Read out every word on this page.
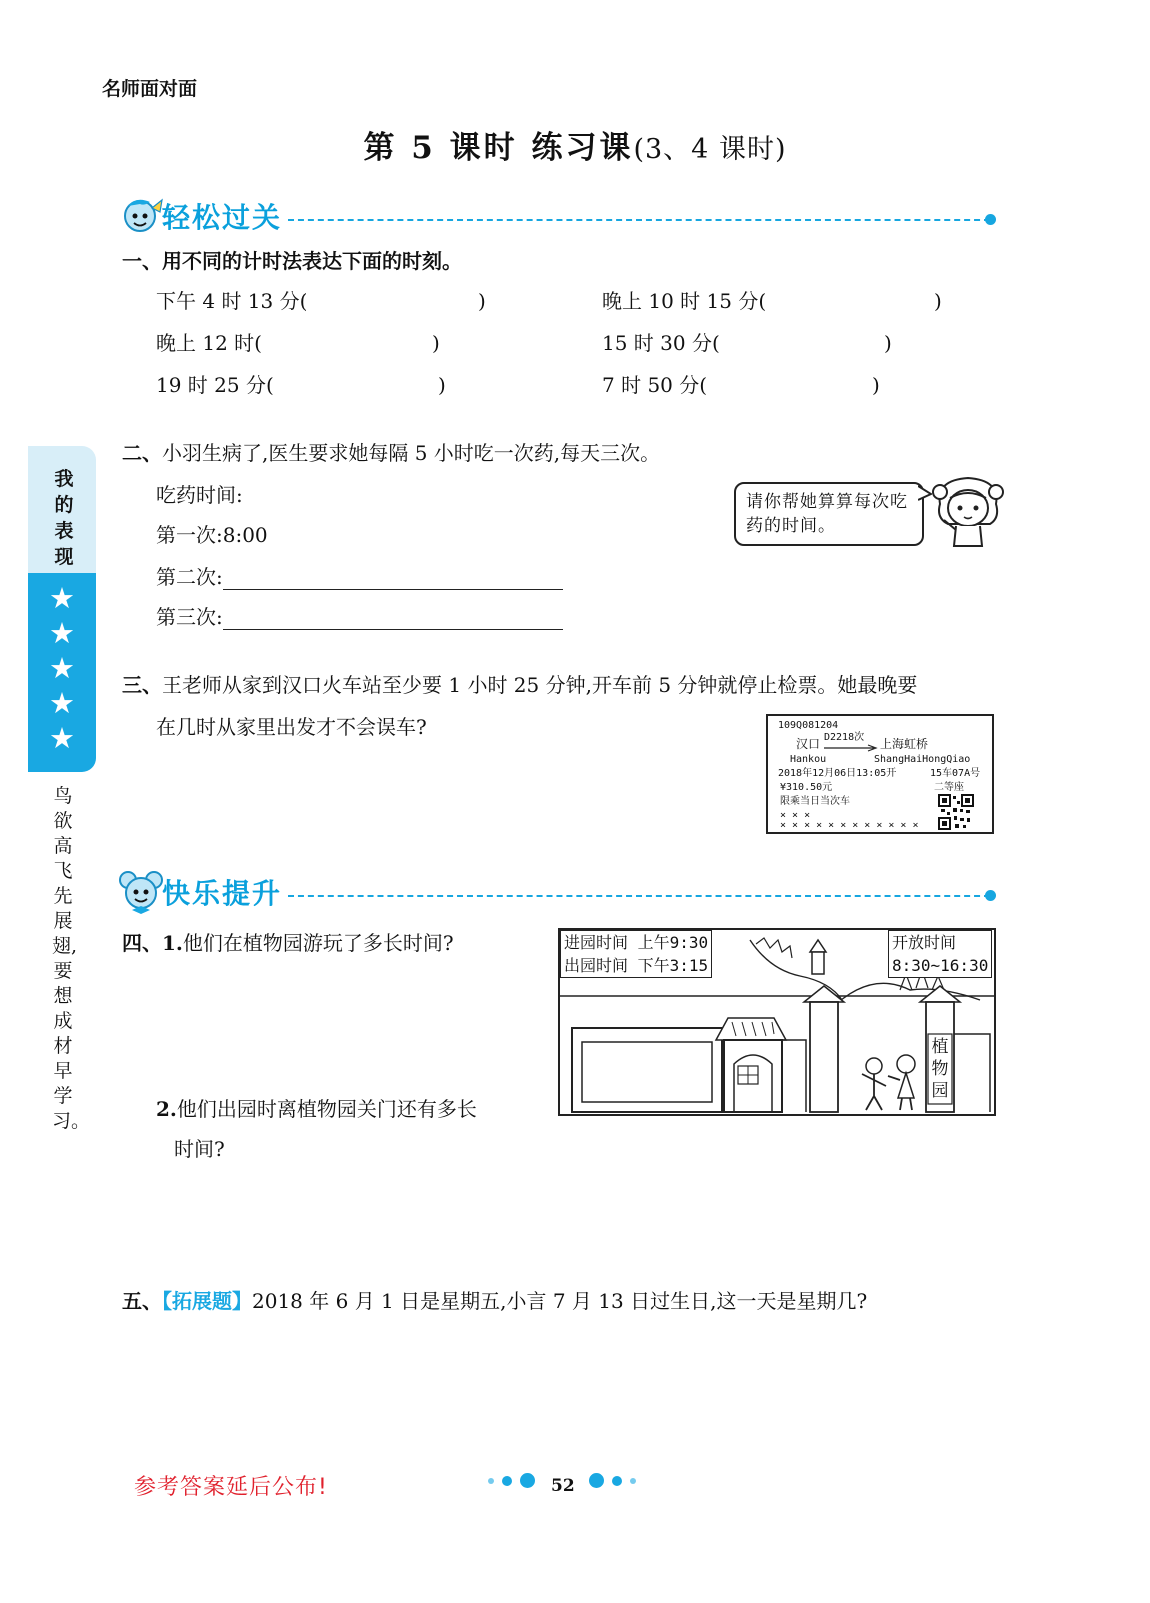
名师面对面
第 5 课时 练习课(3、4 课时)
轻松过关
一、用不同的计时法表达下面的时刻。
下午 4 时 13 分(	)	晚上 10 时 15 分(	)
晚上 12 时(	)	15 时 30 分(	)
19 时 25 分(	)	7 时 50 分(	)
二、小羽生病了,医生要求她每隔 5 小时吃一次药,每天三次。
吃药时间:
第一次:8:00
第二次:
第三次:
请你帮她算算每次吃药的时间。
三、王老师从家到汉口火车站至少要 1 小时 25 分钟,开车前 5 分钟就停止检票。她最晚要
在几时从家里出发才不会误车?	109Q081204
汉口 D2218次 上海虹桥
Hankou	ShangHaiHongQiao
2018年12月06日13:05开	15车07A号
¥310.50元	二等座
限乘当日当次车
× × ×
× × × × × × × × × × × ×
快乐提升
四、1.他们在植物园游玩了多长时间?
2.他们出园时离植物园关门还有多长
时间?
进园时间 上午9:30
出园时间 下午3:15
开放时间
8:30~16:30
植物园
五、【拓展题】2018 年 6 月 1 日是星期五,小言 7 月 13 日过生日,这一天是星期几?
我的表现
★
★
★
★
★
鸟欲高飞先展翅,要想成材早学习。
参考答案延后公布!	52
